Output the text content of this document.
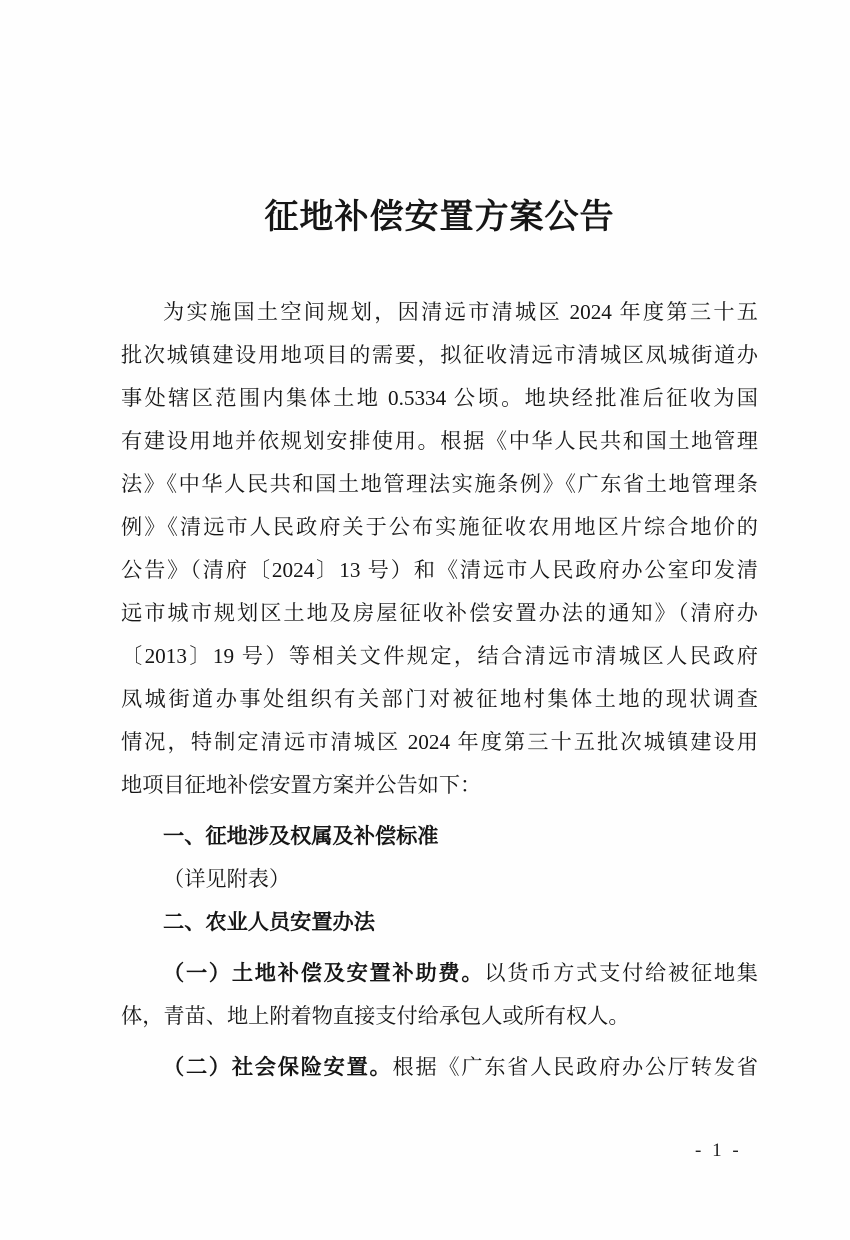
征地补偿安置方案公告
为实施国土空间规划，因清远市清城区 2024 年度第三十五
批次城镇建设用地项目的需要，拟征收清远市清城区凤城街道办
事处辖区范围内集体土地 0.5334 公顷。地块经批准后征收为国
有建设用地并依规划安排使用。根据《中华人民共和国土地管理
法》《中华人民共和国土地管理法实施条例》《广东省土地管理条
例》《清远市人民政府关于公布实施征收农用地区片综合地价的
公告》（清府〔2024〕13 号）和《清远市人民政府办公室印发清
远市城市规划区土地及房屋征收补偿安置办法的通知》（清府办
〔2013〕19 号）等相关文件规定，结合清远市清城区人民政府
凤城街道办事处组织有关部门对被征地村集体土地的现状调查
情况，特制定清远市清城区 2024 年度第三十五批次城镇建设用
地项目征地补偿安置方案并公告如下：
一、征地涉及权属及补偿标准
（详见附表）
二、农业人员安置办法
（一）土地补偿及安置补助费。以货币方式支付给被征地集
体，青苗、地上附着物直接支付给承包人或所有权人。
（二）社会保险安置。根据《广东省人民政府办公厅转发省
- 1 -
